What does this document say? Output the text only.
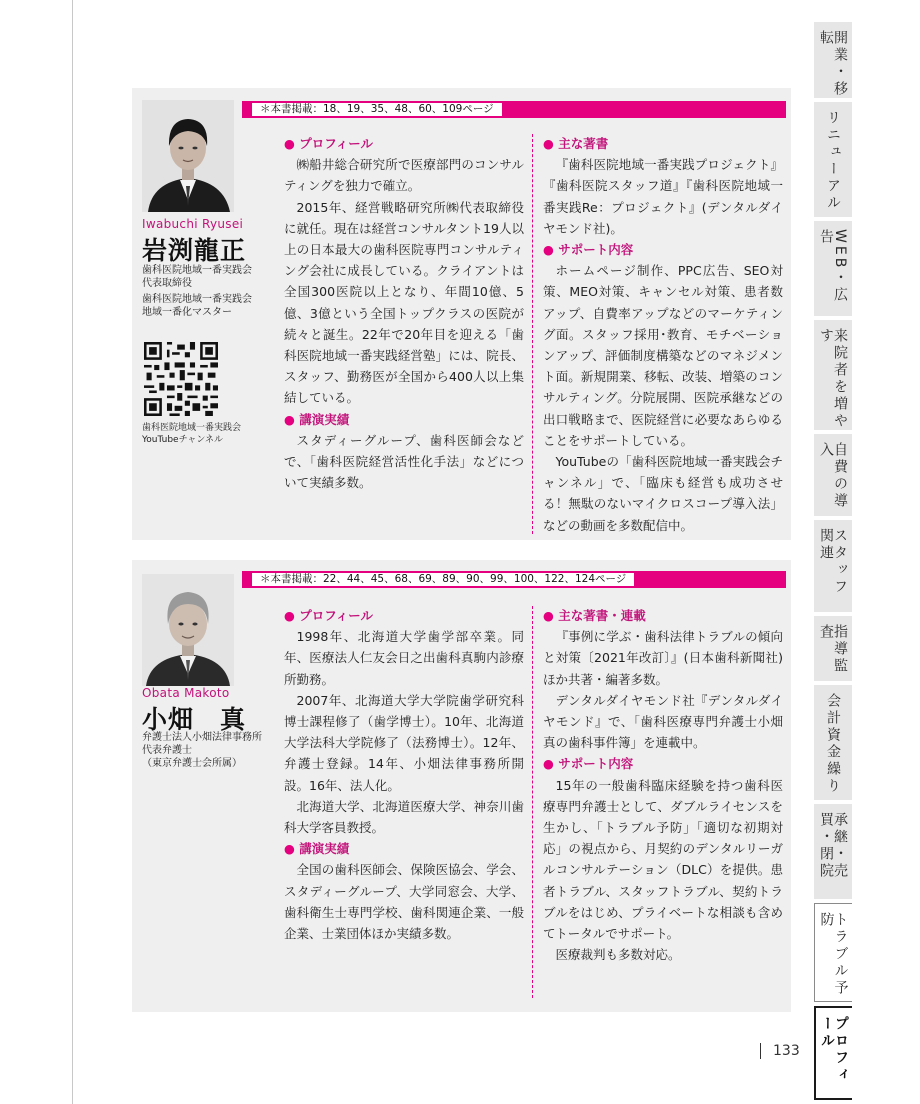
開業・移転
リニューアル
WEB・広告
来院者を増やす
自費の導入
スタッフ関連
指導監査
会計資金繰り
承継・売買・閉院
トラブル予防
プロフィール
133
Iwabuchi Ryusei
岩渕龍正
歯科医院地域一番実践会
代表取締役
歯科医院地域一番実践会
地域一番化マスター
歯科医院地域一番実践会
YouTubeチャンネル
＊本書掲載：18、19、35、48、60、109ページ
● プロフィール

㈱船井総合研究所で医療部門のコンサルティングを独力で確立。

2015年、経営戦略研究所㈱代表取締役に就任。現在は経営コンサルタント19人以上の日本最大の歯科医院専門コンサルティング会社に成長している。クライアントは全国300医院以上となり、年間10億、5億、3億という全国トップクラスの医院が続々と誕生。22年で20年目を迎える「歯科医院地域一番実践経営塾」には、院長、スタッフ、勤務医が全国から400人以上集結している。

● 講演実績

スタディーグループ、歯科医師会などで、「歯科医院経営活性化手法」などについて実績多数。

● 主な著書

『歯科医院地域一番実践プロジェクト』『歯科医院スタッフ道』『歯科医院地域一番実践Re：プロジェクト』(デンタルダイヤモンド社)。

● サポート内容

ホームページ制作、PPC広告、SEO対策、MEO対策、キャンセル対策、患者数アップ、自費率アップなどのマーケティング面。スタッフ採用･教育、モチベーションアップ、評価制度構築などのマネジメント面。新規開業、移転、改装、増築のコンサルティング。分院展開、医院承継などの出口戦略まで、医院経営に必要なあらゆることをサポートしている。

YouTubeの「歯科医院地域一番実践会チャンネル」で、「臨床も経営も成功させる！無駄のないマイクロスコープ導入法」などの動画を多数配信中。

Obata Makoto
小畑　真
弁護士法人小畑法律事務所
代表弁護士
（東京弁護士会所属）
＊本書掲載：22、44、45、68、69、89、90、99、100、122、124ページ
● プロフィール

1998年、北海道大学歯学部卒業。同年、医療法人仁友会日之出歯科真駒内診療所勤務。

2007年、北海道大学大学院歯学研究科博士課程修了（歯学博士）。10年、北海道大学法科大学院修了（法務博士）。12年、弁護士登録。14年、小畑法律事務所開設。16年、法人化。

北海道大学、北海道医療大学、神奈川歯科大学客員教授。

● 講演実績

全国の歯科医師会、保険医協会、学会、スタディーグループ、大学同窓会、大学、歯科衛生士専門学校、歯科関連企業、一般企業、士業団体ほか実績多数。

● 主な著書・連載

『事例に学ぶ・歯科法律トラブルの傾向と対策〔2021年改訂〕』(日本歯科新聞社)ほか共著・編著多数。

デンタルダイヤモンド社『デンタルダイヤモンド』で、「歯科医療専門弁護士小畑真の歯科事件簿」を連載中。

● サポート内容

15年の一般歯科臨床経験を持つ歯科医療専門弁護士として、ダブルライセンスを生かし、「トラブル予防」「適切な初期対応」の視点から、月契約のデンタルリーガルコンサルテーション（DLC）を提供。患者トラブル、スタッフトラブル、契約トラブルをはじめ、プライベートな相談も含めてトータルでサポート。

医療裁判も多数対応。
